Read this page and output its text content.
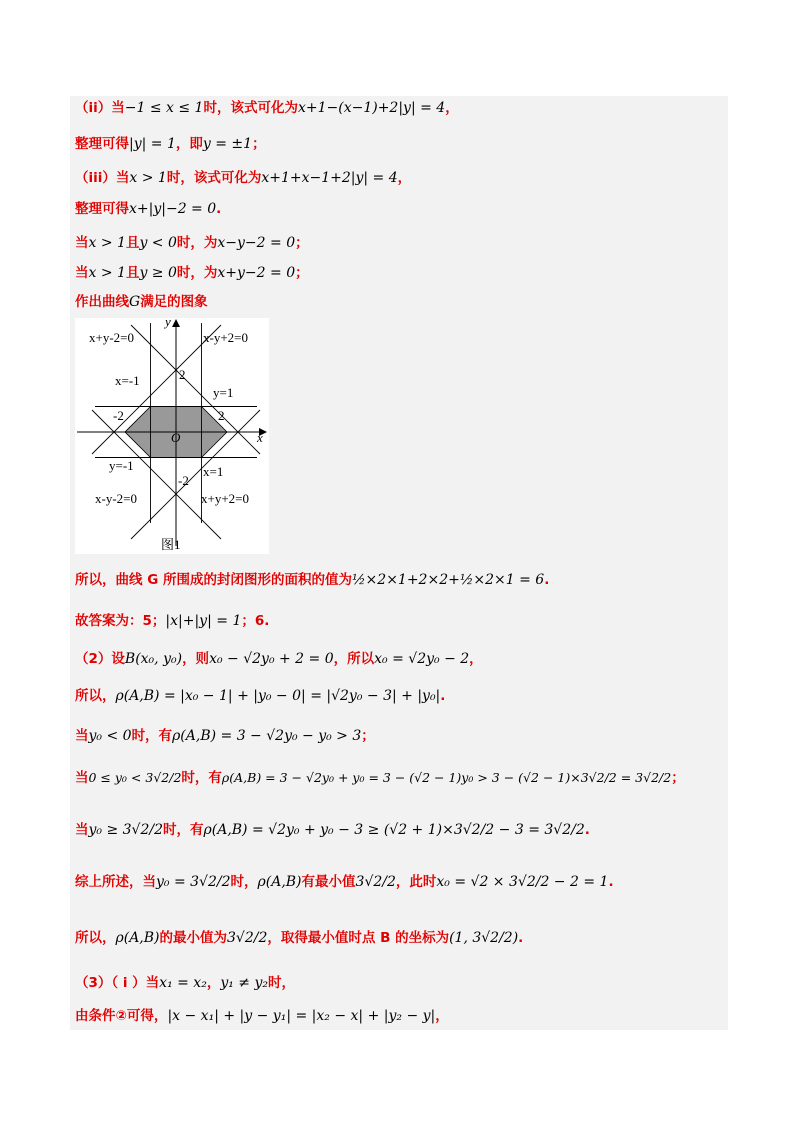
（ii）当−1 ≤ x ≤ 1时，该式可化为x+1−(x−1)+2|y| = 4，
整理可得|y| = 1，即y = ±1；
（iii）当x > 1时，该式可化为x+1+x−1+2|y| = 4，
整理可得x+|y|−2 = 0.
当x > 1且y < 0时，为x−y−2 = 0；
当x > 1且y ≥ 0时，为x+y−2 = 0；
作出曲线G满足的图象
x+y-2=0	x-y+2=0
x=-1	2
y=1
-2	2
O	x
y
y=-1	x=1
-2
x-y-2=0	x+y+2=0
图1
所以，曲线 G 所围成的封闭图形的面积的值为½×2×1+2×2+½×2×1 = 6.
故答案为：5；|x|+|y| = 1；6.
（2）设B(x₀, y₀)，则x₀ − √2y₀ + 2 = 0，所以x₀ = √2y₀ − 2，
所以，ρ(A,B) = |x₀ − 1| + |y₀ − 0| = |√2y₀ − 3| + |y₀|.
当y₀ < 0时，有ρ(A,B) = 3 − √2y₀ − y₀ > 3；
当0 ≤ y₀ < 3√2/2时，有ρ(A,B) = 3 − √2y₀ + y₀ = 3 − (√2 − 1)y₀ > 3 − (√2 − 1)×3√2/2 = 3√2/2；
当y₀ ≥ 3√2/2时，有ρ(A,B) = √2y₀ + y₀ − 3 ≥ (√2 + 1)×3√2/2 − 3 = 3√2/2.
综上所述，当y₀ = 3√2/2时，ρ(A,B)有最小值3√2/2，此时x₀ = √2 × 3√2/2 − 2 = 1.
所以，ρ(A,B)的最小值为3√2/2，取得最小值时点 B 的坐标为(1, 3√2/2).
（3）（ i ）当x₁ = x₂，y₁ ≠ y₂时，
由条件②可得，|x − x₁| + |y − y₁| = |x₂ − x| + |y₂ − y|，
